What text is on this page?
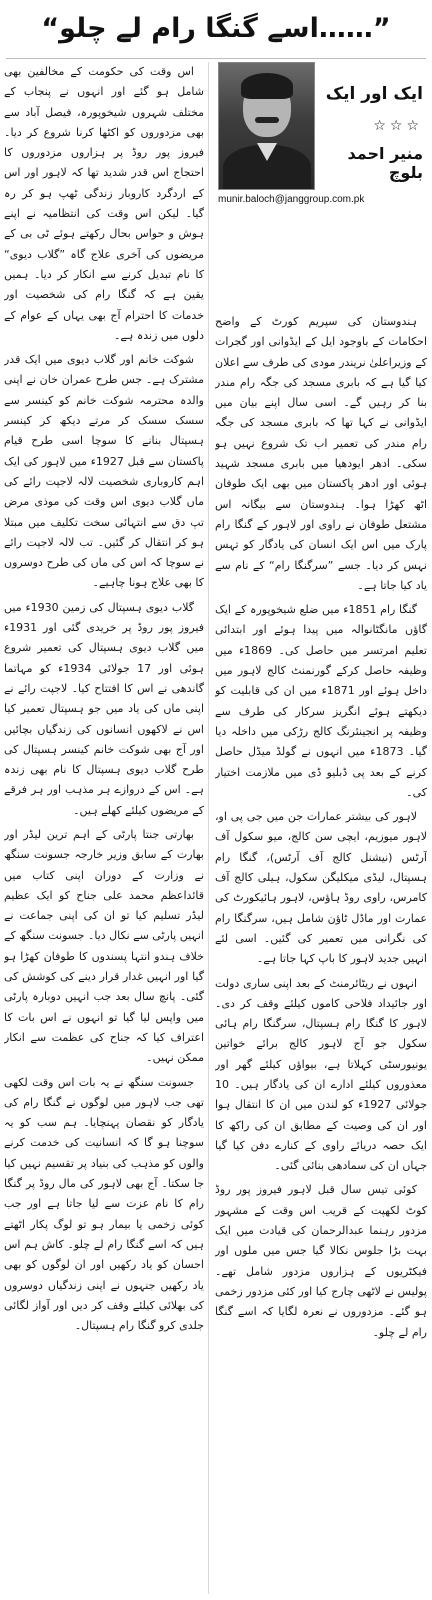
”……اسے گنگا رام لے چلو“
ایک اور ایک
☆☆☆
منیر احمد بلوچ
munir.baloch@janggroup.com.pk

ہندوستان کی سپریم کورٹ کے واضح احکامات کے باوجود ایل کے ایڈوانی اور گجرات کے وزیراعلیٰ نریندر مودی کی طرف سے اعلان کیا گیا ہے کہ بابری مسجد کی جگہ رام مندر بنا کر رہیں گے۔ اسی سال اپنے بیان میں ایڈوانی نے کہا تھا کہ بابری مسجد کی جگہ رام مندر کی تعمیر اب تک شروع نہیں ہو سکی۔ ادھر ایودھیا میں بابری مسجد شہید ہوئی اور ادھر پاکستان میں بھی ایک طوفان اٹھ کھڑا ہوا۔ ہندوستان سے بیگانہ اس مشتعل طوفان نے راوی اور لاہور کے گنگا رام پارک میں اس ایک انسان کی یادگار کو تہس نہس کر دیا۔ جسے ”سرگنگا رام“ کے نام سے یاد کیا جاتا ہے۔

گنگا رام 1851ء میں ضلع شیخوپورہ کے ایک گاؤں مانگٹانوالہ میں پیدا ہوئے اور ابتدائی تعلیم امرتسر میں حاصل کی۔ 1869ء میں وظیفہ حاصل کرکے گورنمنٹ کالج لاہور میں داخل ہوئے اور 1871ء میں ان کی قابلیت کو دیکھتے ہوئے انگریز سرکار کی طرف سے وظیفہ پر انجینئرنگ کالج رڑکی میں داخلہ دیا گیا۔ 1873ء میں انہوں نے گولڈ میڈل حاصل کرنے کے بعد پی ڈبلیو ڈی میں ملازمت اختیار کی۔

لاہور کی بیشتر عمارات جن میں جی پی او، لاہور میوزیم، ایچی سن کالج، میو سکول آف آرٹس (نیشنل کالج آف آرٹس)، گنگا رام ہسپتال، لیڈی میکلیگن سکول، ہیلی کالج آف کامرس، راوی روڈ ہاؤس، لاہور ہائیکورٹ کی عمارت اور ماڈل ٹاؤن شامل ہیں، سرگنگا رام کی نگرانی میں تعمیر کی گئیں۔ اسی لئے انہیں جدید لاہور کا باپ کہا جاتا ہے۔

انہوں نے ریٹائرمنٹ کے بعد اپنی ساری دولت اور جائیداد فلاحی کاموں کیلئے وقف کر دی۔ لاہور کا گنگا رام ہسپتال، سرگنگا رام ہائی سکول جو آج لاہور کالج برائے خواتین یونیورسٹی کہلاتا ہے، بیواؤں کیلئے گھر اور معذوروں کیلئے ادارے ان کی یادگار ہیں۔ 10 جولائی 1927ء کو لندن میں ان کا انتقال ہوا اور ان کی وصیت کے مطابق ان کی راکھ کا ایک حصہ دریائے راوی کے کنارے دفن کیا گیا جہاں ان کی سمادھی بنائی گئی۔

کوئی تیس سال قبل لاہور فیروز پور روڈ کوٹ لکھپت کے قریب اس وقت کے مشہور مزدور رہنما عبدالرحمان کی قیادت میں ایک بہت بڑا جلوس نکالا گیا جس میں ملوں اور فیکٹریوں کے ہزاروں مزدور شامل تھے۔ پولیس نے لاٹھی چارج کیا اور کئی مزدور زخمی ہو گئے۔ مزدوروں نے نعرہ لگایا کہ اسے گنگا رام لے چلو۔

اس وقت کی حکومت کے مخالفین بھی شامل ہو گئے اور انہوں نے پنجاب کے مختلف شہروں شیخوپورہ، فیصل آباد سے بھی مزدوروں کو اکٹھا کرنا شروع کر دیا۔ فیروز پور روڈ پر ہزاروں مزدوروں کا احتجاج اس قدر شدید تھا کہ لاہور اور اس کے اردگرد کاروبار زندگی ٹھپ ہو کر رہ گیا۔ لیکن اس وقت کی انتظامیہ نے اپنے ہوش و حواس بحال رکھتے ہوئے ٹی بی کے مریضوں کی آخری علاج گاہ ”گلاب دیوی“ کا نام تبدیل کرنے سے انکار کر دیا۔ ہمیں یقین ہے کہ گنگا رام کی شخصیت اور خدمات کا احترام آج بھی یہاں کے عوام کے دلوں میں زندہ ہے۔

شوکت خانم اور گلاب دیوی میں ایک قدر مشترک ہے۔ جس طرح عمران خان نے اپنی والدہ محترمہ شوکت خانم کو کینسر سے سسک سسک کر مرتے دیکھ کر کینسر ہسپتال بنانے کا سوچا اسی طرح قیام پاکستان سے قبل 1927ء میں لاہور کی ایک اہم کاروباری شخصیت لالہ لاجپت رائے کی ماں گلاب دیوی اس وقت کی موذی مرض تپ دق سے انتہائی سخت تکلیف میں مبتلا ہو کر انتقال کر گئیں۔ تب لالہ لاجپت رائے نے سوچا کہ اس کی ماں کی طرح دوسروں کا بھی علاج ہونا چاہیے۔

گلاب دیوی ہسپتال کی زمین 1930ء میں فیروز پور روڈ پر خریدی گئی اور 1931ء میں گلاب دیوی ہسپتال کی تعمیر شروع ہوئی اور 17 جولائی 1934ء کو مہاتما گاندھی نے اس کا افتتاح کیا۔ لاجپت رائے نے اپنی ماں کی یاد میں جو ہسپتال تعمیر کیا اس نے لاکھوں انسانوں کی زندگیاں بچائیں اور آج بھی شوکت خانم کینسر ہسپتال کی طرح گلاب دیوی ہسپتال کا نام بھی زندہ ہے۔ اس کے دروازے ہر مذہب اور ہر فرقے کے مریضوں کیلئے کھلے ہیں۔

بھارتی جنتا پارٹی کے اہم ترین لیڈر اور بھارت کے سابق وزیر خارجہ جسونت سنگھ نے وزارت کے دوران اپنی کتاب میں قائداعظم محمد علی جناح کو ایک عظیم لیڈر تسلیم کیا تو ان کی اپنی جماعت نے انہیں پارٹی سے نکال دیا۔ جسونت سنگھ کے خلاف ہندو انتہا پسندوں کا طوفان کھڑا ہو گیا اور انہیں غدار قرار دینے کی کوشش کی گئی۔ پانچ سال بعد جب انہیں دوبارہ پارٹی میں واپس لیا گیا تو انہوں نے اس بات کا اعتراف کیا کہ جناح کی عظمت سے انکار ممکن نہیں۔

جسونت سنگھ نے یہ بات اس وقت لکھی تھی جب لاہور میں لوگوں نے گنگا رام کی یادگار کو نقصان پہنچایا۔ ہم سب کو یہ سوچنا ہو گا کہ انسانیت کی خدمت کرنے والوں کو مذہب کی بنیاد پر تقسیم نہیں کیا جا سکتا۔ آج بھی لاہور کی مال روڈ پر گنگا رام کا نام عزت سے لیا جاتا ہے اور جب کوئی زخمی یا بیمار ہو تو لوگ پکار اٹھتے ہیں کہ اسے گنگا رام لے چلو۔ کاش ہم اس احسان کو یاد رکھیں اور ان لوگوں کو بھی یاد رکھیں جنہوں نے اپنی زندگیاں دوسروں کی بھلائی کیلئے وقف کر دیں اور آواز لگائی جلدی کرو گنگا رام ہسپتال۔
